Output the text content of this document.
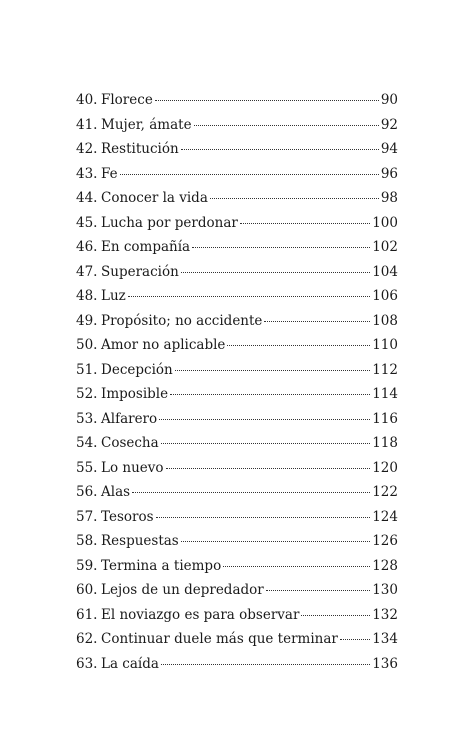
40. Florece	90
41. Mujer, ámate	92
42. Restitución	94
43. Fe	96
44. Conocer la vida	98
45. Lucha por perdonar	100
46. En compañía	102
47. Superación	104
48. Luz	106
49. Propósito; no accidente	108
50. Amor no aplicable	110
51. Decepción	112
52. Imposible	114
53. Alfarero	116
54. Cosecha	118
55. Lo nuevo	120
56. Alas	122
57. Tesoros	124
58. Respuestas	126
59. Termina a tiempo	128
60. Lejos de un depredador	130
61. El noviazgo es para observar	132
62. Continuar duele más que terminar	134
63. La caída	136
